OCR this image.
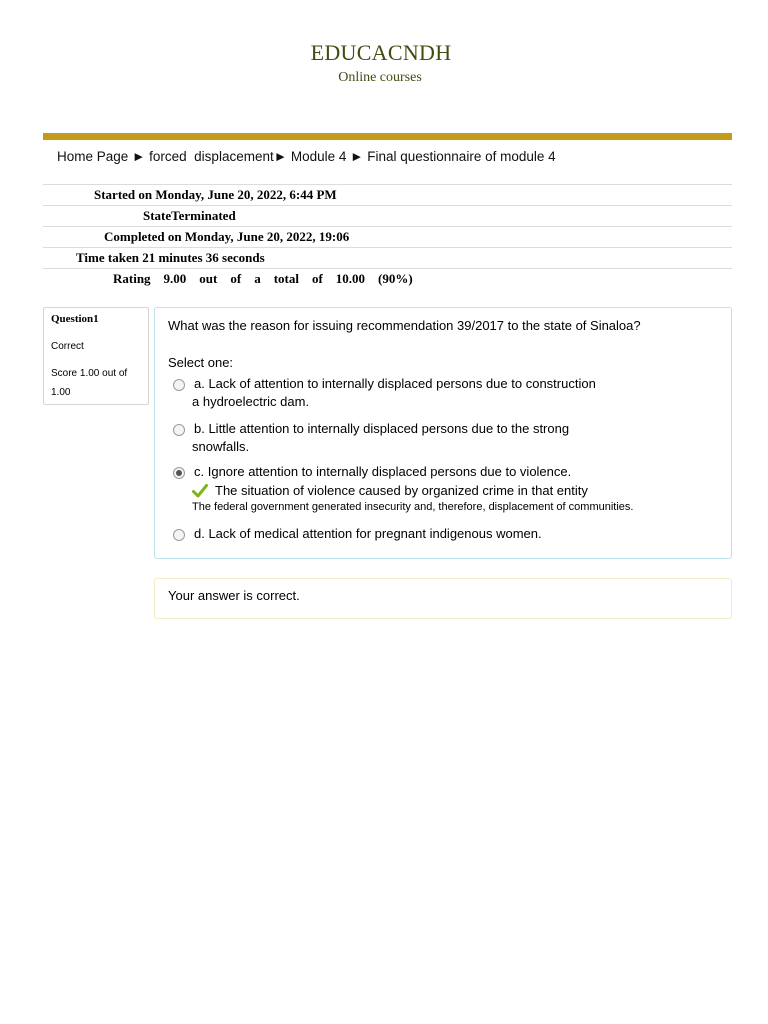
EDUCACNDH
Online courses
Home Page ► forced  displacement► Module 4 ► Final questionnaire of module 4
Started on Monday, June 20, 2022, 6:44 PM
StateTerminated
Completed on Monday, June 20, 2022, 19:06
Time taken 21 minutes 36 seconds
Rating    9.00    out    of    a    total    of    10.00    (90%)
Question1
Correct
Score 1.00 out of 1.00
What was the reason for issuing recommendation 39/2017 to the state of Sinaloa?
Select one:
a. Lack of attention to internally displaced persons due to construction
a hydroelectric dam.
b. Little attention to internally displaced persons due to the strong
snowfalls.
c. Ignore attention to internally displaced persons due to violence.
The situation of violence caused by organized crime in that entity
The federal government generated insecurity and, therefore, displacement of communities.
d. Lack of medical attention for pregnant indigenous women.
Your answer is correct.
